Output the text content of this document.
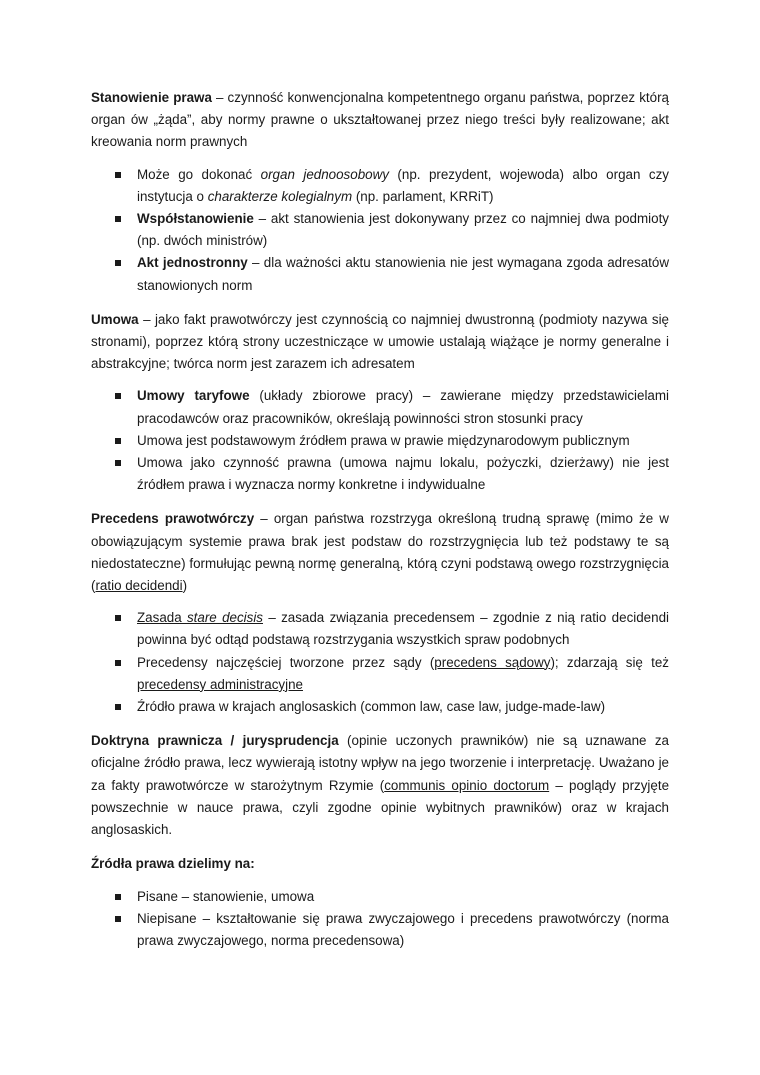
Stanowienie prawa – czynność konwencjonalna kompetentnego organu państwa, poprzez którą organ ów „żąda”, aby normy prawne o ukształtowanej przez niego treści były realizowane; akt kreowania norm prawnych

Może go dokonać organ jednoosobowy (np. prezydent, wojewoda) albo organ czy instytucja o charakterze kolegialnym (np. parlament, KRRiT)
Współstanowienie – akt stanowienia jest dokonywany przez co najmniej dwa podmioty (np. dwóch ministrów)
Akt jednostronny – dla ważności aktu stanowienia nie jest wymagana zgoda adresatów stanowionych norm

Umowa – jako fakt prawotwórczy jest czynnością co najmniej dwustronną (podmioty nazywa się stronami), poprzez którą strony uczestniczące w umowie ustalają wiążące je normy generalne i abstrakcyjne; twórca norm jest zarazem ich adresatem

Umowy taryfowe (układy zbiorowe pracy) – zawierane między przedstawicielami pracodawców oraz pracowników, określają powinności stron stosunki pracy
Umowa jest podstawowym źródłem prawa w prawie międzynarodowym publicznym
Umowa jako czynność prawna (umowa najmu lokalu, pożyczki, dzierżawy) nie jest źródłem prawa i wyznacza normy konkretne i indywidualne

Precedens prawotwórczy – organ państwa rozstrzyga określoną trudną sprawę (mimo że w obowiązującym systemie prawa brak jest podstaw do rozstrzygnięcia lub też podstawy te są niedostateczne) formułując pewną normę generalną, którą czyni podstawą owego rozstrzygnięcia (ratio decidendi)

Zasada stare decisis – zasada związania precedensem – zgodnie z nią ratio decidendi powinna być odtąd podstawą rozstrzygania wszystkich spraw podobnych
Precedensy najczęściej tworzone przez sądy (precedens sądowy); zdarzają się też precedensy administracyjne
Źródło prawa w krajach anglosaskich (common law, case law, judge-made-law)

Doktryna prawnicza / jurysprudencja (opinie uczonych prawników) nie są uznawane za oficjalne źródło prawa, lecz wywierają istotny wpływ na jego tworzenie i interpretację. Uważano je za fakty prawotwórcze w starożytnym Rzymie (communis opinio doctorum – poglądy przyjęte powszechnie w nauce prawa, czyli zgodne opinie wybitnych prawników) oraz w krajach anglosaskich.

Źródła prawa dzielimy na:

Pisane – stanowienie, umowa
Niepisane – kształtowanie się prawa zwyczajowego i precedens prawotwórczy (norma prawa zwyczajowego, norma precedensowa)
